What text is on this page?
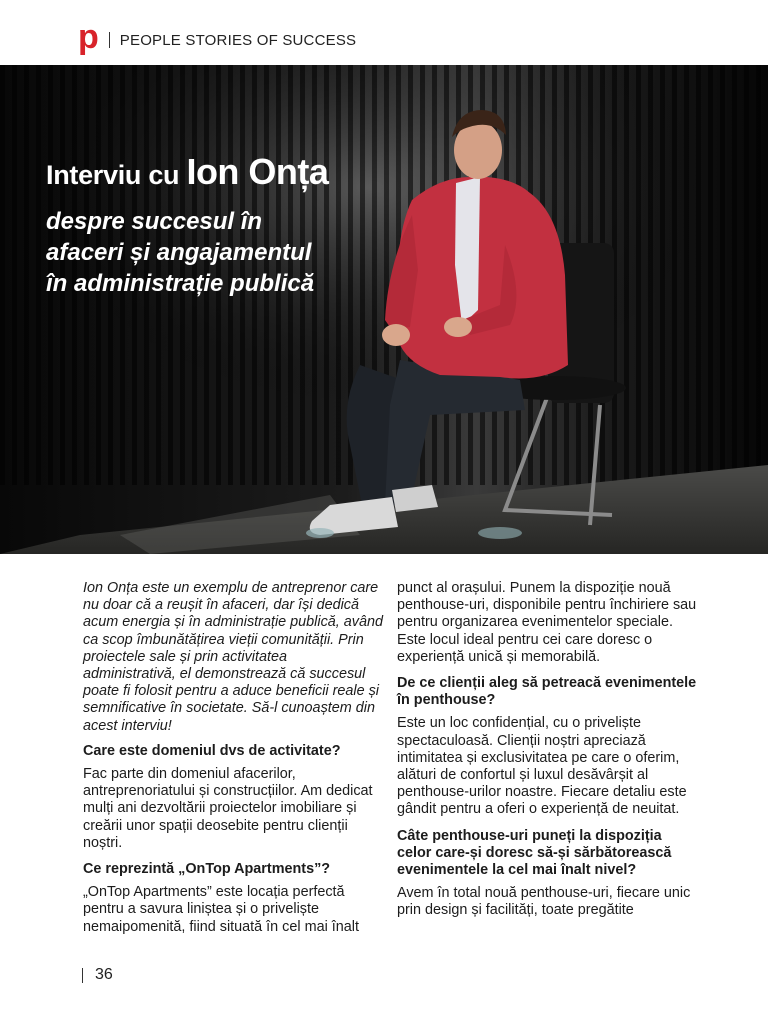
p PEOPLE STORIES OF SUCCESS
Interviu cu Ion Onța
despre succesul în
afaceri și angajamentul
în administrație publică

Ion Onța este un exemplu de antreprenor care nu doar că a reușit în afaceri, dar își dedică acum energia și în administrație publică, având ca scop îmbunătățirea vieții comunității. Prin proiectele sale și prin activitatea administrativă, el demonstrează că succesul poate fi folosit pentru a aduce beneficii reale și semnificative în societate. Să-l cunoaștem din acest interviu!

Care este domeniul dvs de activitate?

Fac parte din domeniul afacerilor, antreprenoriatului și construcțiilor. Am dedicat mulți ani dezvoltării proiectelor imobiliare și creării unor spații deosebite pentru clienții noștri.

Ce reprezintă „OnTop Apartments”?

„OnTop Apartments” este locația perfectă pentru a savura liniștea și o priveliște nemaipomenită, fiind situată în cel mai înalt

punct al orașului. Punem la dispoziție nouă penthouse-uri, disponibile pentru închiriere sau pentru organizarea evenimentelor speciale. Este locul ideal pentru cei care doresc o experiență unică și memorabilă.

De ce clienții aleg să petreacă evenimentele în penthouse?

Este un loc confidențial, cu o priveliște spectaculoasă. Clienții noștri apreciază intimitatea și exclusivitatea pe care o oferim, alături de confortul și luxul desăvârșit al penthouse-urilor noastre. Fiecare detaliu este gândit pentru a oferi o experiență de neuitat.

Câte penthouse-uri puneți la dispoziția celor care-și doresc să-și sărbătorească evenimentele la cel mai înalt nivel?

Avem în total nouă penthouse-uri, fiecare unic prin design și facilități, toate pregătite

36
